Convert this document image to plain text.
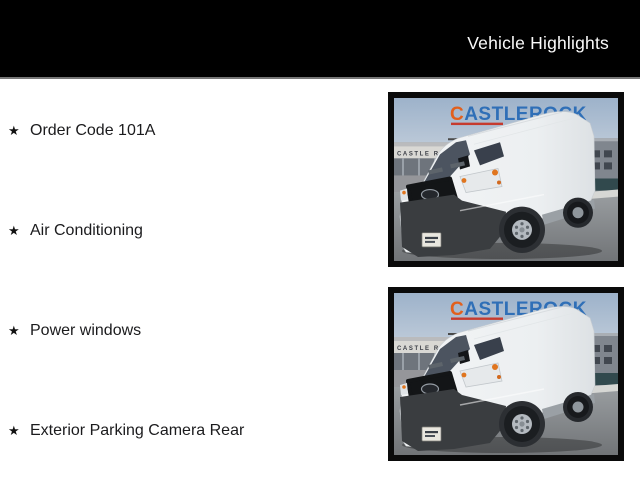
Vehicle Highlights
★ Order Code 101A
★ Air Conditioning
★ Power windows
★ Exterior Parking Camera Rear
